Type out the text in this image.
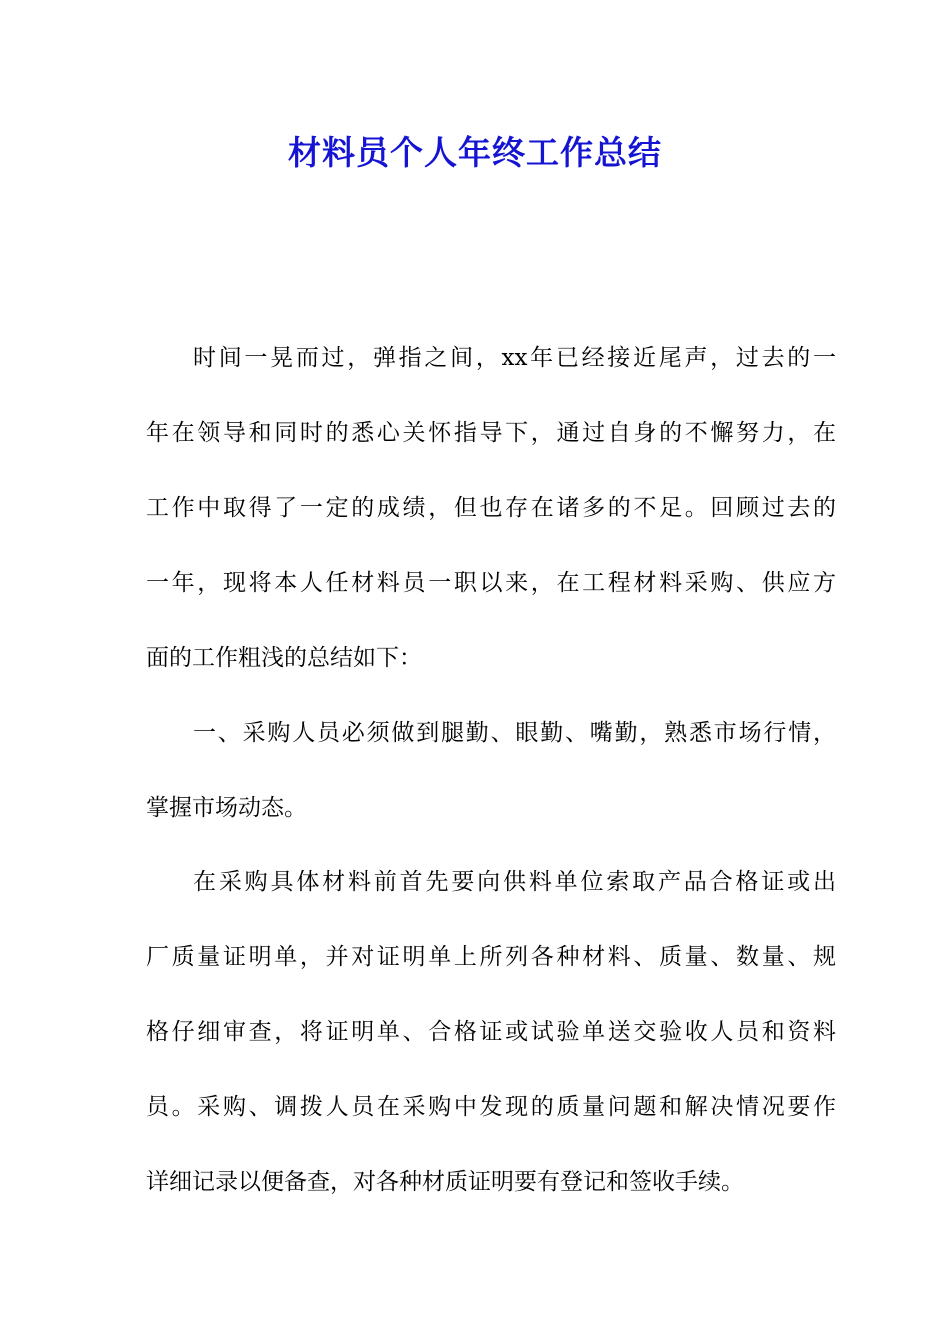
材料员个人年终工作总结
时间一晃而过，弹指之间，xx年已经接近尾声，过去的一
年在领导和同时的悉心关怀指导下，通过自身的不懈努力，在
工作中取得了一定的成绩，但也存在诸多的不足。回顾过去的
一年，现将本人任材料员一职以来，在工程材料采购、供应方
面的工作粗浅的总结如下：
一、采购人员必须做到腿勤、眼勤、嘴勤，熟悉市场行情，
掌握市场动态。
在采购具体材料前首先要向供料单位索取产品合格证或出
厂质量证明单，并对证明单上所列各种材料、质量、数量、规
格仔细审查，将证明单、合格证或试验单送交验收人员和资料
员。采购、调拨人员在采购中发现的质量问题和解决情况要作
详细记录以便备查，对各种材质证明要有登记和签收手续。
